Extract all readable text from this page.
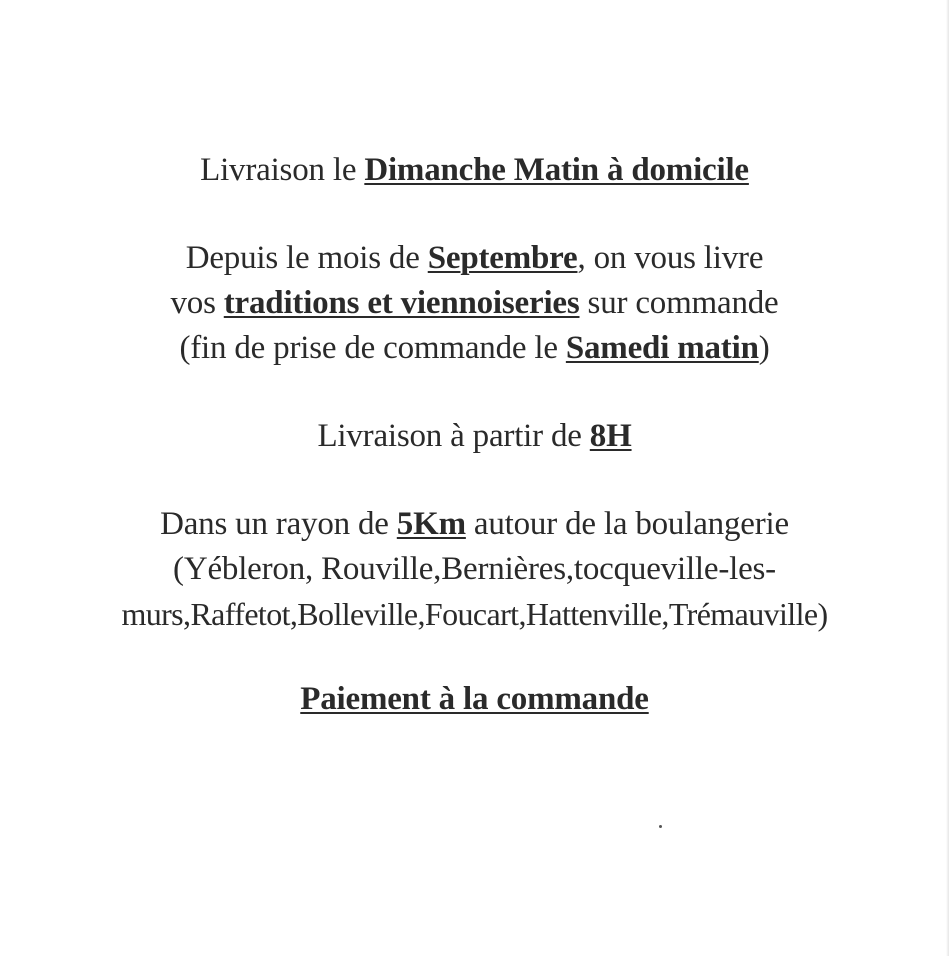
Livraison le Dimanche Matin à domicile
Depuis le mois de Septembre, on vous livre
vos traditions et viennoiseries sur commande
(fin de prise de commande le Samedi matin)
Livraison à partir de 8H
Dans un rayon de 5Km autour de la boulangerie
(Yébleron, Rouville,Bernières,tocqueville-les-
murs,Raffetot,Bolleville,Foucart,Hattenville,Trémauville)
Paiement à la commande
